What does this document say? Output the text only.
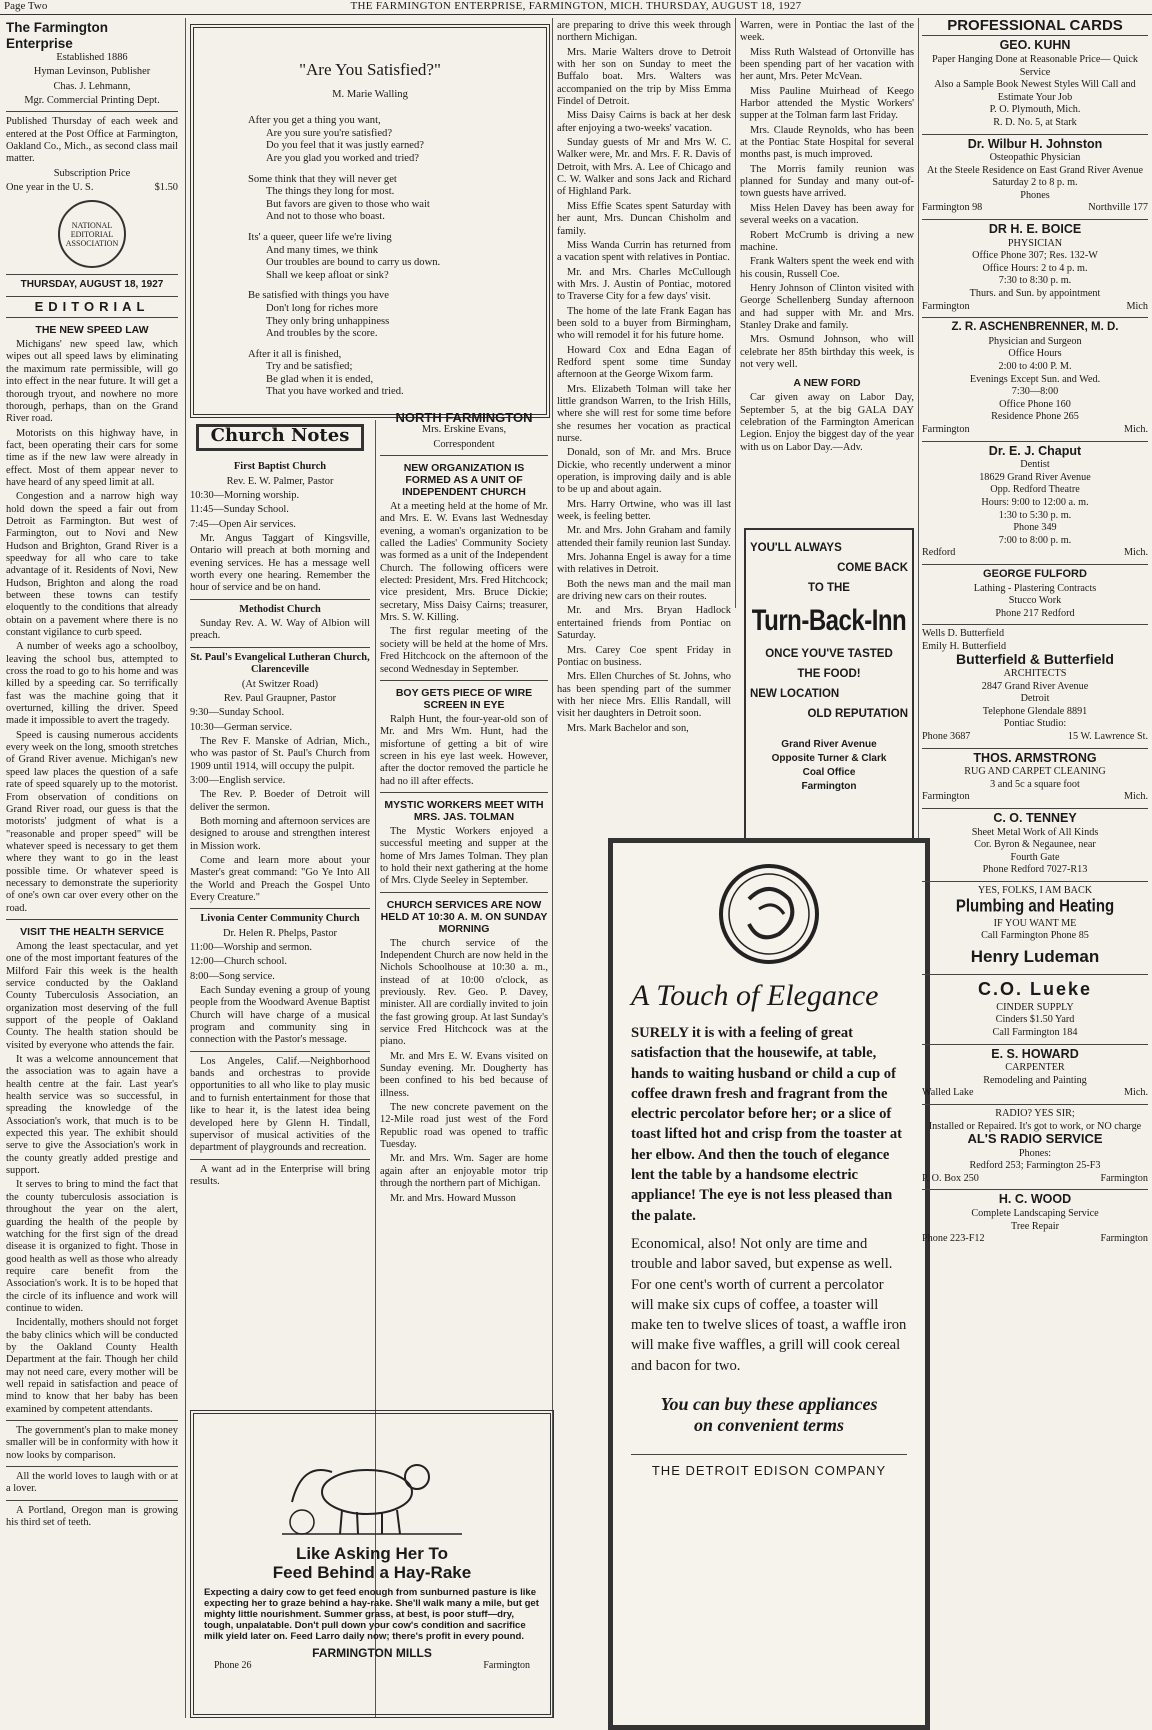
THE FARMINGTON ENTERPRISE, FARMINGTON, MICH. THURSDAY, AUGUST 18, 1927
Page Two
The Farmington Enterprise

Established 1886

Hyman Levinson, Publisher

Chas. J. Lehmann,

Mgr. Commercial Printing Dept.

Published Thursday of each week and entered at the Post Office at Farmington, Oakland Co., Mich., as second class mail matter.

Subscription Price

One year in the U. S.	$1.50
NATIONAL EDITORIAL ASSOCIATION
THURSDAY, AUGUST 18, 1927
EDITORIAL
THE NEW SPEED LAW

Michigans' new speed law, which wipes out all speed laws by eliminating the maximum rate permissible, will go into effect in the near future. It will get a thorough tryout, and nowhere no more thorough, perhaps, than on the Grand River road.

Motorists on this highway have, in fact, been operating their cars for some time as if the new law were already in effect. Most of them appear never to have heard of any speed limit at all.

Congestion and a narrow high way hold down the speed a fair out from Detroit as Farmington. But west of Farmington, out to Novi and New Hudson and Brighton, Grand River is a speedway for all who care to take advantage of it. Residents of Novi, New Hudson, Brighton and along the road between these towns can testify eloquently to the conditions that already obtain on a pavement where there is no constant vigilance to curb speed.

A number of weeks ago a schoolboy, leaving the school bus, attempted to cross the road to go to his home and was killed by a speeding car. So terrifically fast was the machine going that it overturned, killing the driver. Speed made it impossible to avert the tragedy.

Speed is causing numerous accidents every week on the long, smooth stretches of Grand River avenue. Michigan's new speed law places the question of a safe rate of speed squarely up to the motorist. From observation of conditions on Grand River road, our guess is that the motorists' judgment of what is a "reasonable and proper speed" will be whatever speed is necessary to get them where they want to go in the least possible time. Or whatever speed is necessary to demonstrate the superiority of one's own car over every other on the road.

VISIT THE HEALTH SERVICE

Among the least spectacular, and yet one of the most important features of the Milford Fair this week is the health service conducted by the Oakland County Tuberculosis Association, an organization most deserving of the full support of the people of Oakland County. The health station should be visited by everyone who attends the fair.

It was a welcome announcement that the association was to again have a health centre at the fair. Last year's health service was so successful, in spreading the knowledge of the Association's work, that much is to be expected this year. The exhibit should serve to give the Association's work in the county greatly added prestige and support.

It serves to bring to mind the fact that the county tuberculosis association is throughout the year on the alert, guarding the health of the people by watching for the first sign of the dread disease it is organized to fight. Those in good health as well as those who already require care benefit from the Association's work. It is to be hoped that the circle of its influence and work will continue to widen.

Incidentally, mothers should not forget the baby clinics which will be conducted by the Oakland County Health Department at the fair. Though her child may not need care, every mother will be well repaid in satisfaction and peace of mind to know that her baby has been examined by competent attendants.

The government's plan to make money smaller will be in conformity with how it now looks by comparison.

All the world loves to laugh with or at a lover.

A Portland, Oregon man is growing his third set of teeth.

"Are You Satisfied?"
M. Marie Walling
After you get a thing you want,
Are you sure you're satisfied?
Do you feel that it was justly earned?
Are you glad you worked and tried?
Some think that they will never get
The things they long for most.
But favors are given to those who wait
And not to those who boast.
Its' a queer, queer life we're living
And many times, we think
Our troubles are bound to carry us down.
Shall we keep afloat or sink?
Be satisfied with things you have
Don't long for riches more
They only bring unhappiness
And troubles by the score.
After it all is finished,
Try and be satisfied;
Be glad when it is ended,
That you have worked and tried.
Church Notes

First Baptist Church

Rev. E. W. Palmer, Pastor

10:30—Morning worship.

11:45—Sunday School.

7:45—Open Air services.

Mr. Angus Taggart of Kingsville, Ontario will preach at both morning and evening services. He has a message well worth every one hearing. Remember the hour of service and be on hand.

Methodist Church

Sunday Rev. A. W. Way of Albion will preach.

St. Paul's Evangelical Lutheran Church, Clarenceville

(At Switzer Road)

Rev. Paul Graupner, Pastor

9:30—Sunday School.

10:30—German service.

The Rev F. Manske of Adrian, Mich., who was pastor of St. Paul's Church from 1909 until 1914, will occupy the pulpit.

3:00—English service.

The Rev. P. Boeder of Detroit will deliver the sermon.

Both morning and afternoon services are designed to arouse and strengthen interest in Mission work.

Come and learn more about your Master's great command: "Go Ye Into All the World and Preach the Gospel Unto Every Creature."

Livonia Center Community Church

Dr. Helen R. Phelps, Pastor

11:00—Worship and sermon.

12:00—Church school.

8:00—Song service.

Each Sunday evening a group of young people from the Woodward Avenue Baptist Church will have charge of a musical program and community sing in connection with the Pastor's message.

Los Angeles, Calif.—Neighborhood bands and orchestras to provide opportunities to all who like to play music and to furnish entertainment for those that like to hear it, is the latest idea being developed here by Glenn H. Tindall, supervisor of musical activities of the department of playgrounds and recreation.

A want ad in the Enterprise will bring results.

NORTH FARMINGTON

Mrs. Erskine Evans,

Correspondent

NEW ORGANIZATION IS FORMED AS A UNIT OF INDEPENDENT CHURCH

At a meeting held at the home of Mr. and Mrs. E. W. Evans last Wednesday evening, a woman's organization to be called the Ladies' Community Society was formed as a unit of the Independent Church. The following officers were elected: President, Mrs. Fred Hitchcock; vice president, Mrs. Bruce Dickie; secretary, Miss Daisy Cairns; treasurer, Mrs. S. W. Killing.

The first regular meeting of the society will be held at the home of Mrs. Fred Hitchcock on the afternoon of the second Wednesday in September.

BOY GETS PIECE OF WIRE SCREEN IN EYE

Ralph Hunt, the four-year-old son of Mr. and Mrs Wm. Hunt, had the misfortune of getting a bit of wire screen in his eye last week. However, after the doctor removed the particle he had no ill after effects.

MYSTIC WORKERS MEET WITH MRS. JAS. TOLMAN

The Mystic Workers enjoyed a successful meeting and supper at the home of Mrs James Tolman. They plan to hold their next gathering at the home of Mrs. Clyde Seeley in September.

CHURCH SERVICES ARE NOW HELD AT 10:30 A. M. ON SUNDAY MORNING

The church service of the Independent Church are now held in the Nichols Schoolhouse at 10:30 a. m., instead of at 10:00 o'clock, as previously. Rev. Geo. P. Davey, minister. All are cordially invited to join the fast growing group. At last Sunday's service Fred Hitchcock was at the piano.

Mr. and Mrs E. W. Evans visited on Sunday evening. Mr. Dougherty has been confined to his bed because of illness.

The new concrete pavement on the 12-Mile road just west of the Ford Republic road was opened to traffic Tuesday.

Mr. and Mrs. Wm. Sager are home again after an enjoyable motor trip through the northern part of Michigan.

Mr. and Mrs. Howard Musson

Like Asking Her To
Feed Behind a Hay-Rake

Expecting a dairy cow to get feed enough from sunburned pasture is like expecting her to graze behind a hay-rake. She'll walk many a mile, but get mighty little nourishment. Summer grass, at best, is poor stuff—dry, tough, unpalatable. Don't pull down your cow's condition and sacrifice milk yield later on. Feed Larro daily now; there's profit in every pound.

FARMINGTON MILLS
Phone 26	Farmington

are preparing to drive this week through northern Michigan.

Mrs. Marie Walters drove to Detroit with her son on Sunday to meet the Buffalo boat. Mrs. Walters was accompanied on the trip by Miss Emma Findel of Detroit.

Miss Daisy Cairns is back at her desk after enjoying a two-weeks' vacation.

Sunday guests of Mr and Mrs W. C. Walker were, Mr. and Mrs. F. R. Davis of Detroit, with Mrs. A. Lee of Chicago and C. W. Walker and sons Jack and Richard of Highland Park.

Miss Effie Scates spent Saturday with her aunt, Mrs. Duncan Chisholm and family.

Miss Wanda Currin has returned from a vacation spent with relatives in Pontiac.

Mr. and Mrs. Charles McCullough with Mrs. J. Austin of Pontiac, motored to Traverse City for a few days' visit.

The home of the late Frank Eagan has been sold to a buyer from Birmingham, who will remodel it for his future home.

Howard Cox and Edna Eagan of Redford spent some time Sunday afternoon at the George Wixom farm.

Mrs. Elizabeth Tolman will take her little grandson Warren, to the Irish Hills, where she will rest for some time before she resumes her vocation as practical nurse.

Donald, son of Mr. and Mrs. Bruce Dickie, who recently underwent a minor operation, is improving daily and is able to be up and about again.

Mrs. Harry Ortwine, who was ill last week, is feeling better.

Mr. and Mrs. John Graham and family attended their family reunion last Sunday.

Mrs. Johanna Engel is away for a time with relatives in Detroit.

Both the news man and the mail man are driving new cars on their routes.

Mr. and Mrs. Bryan Hadlock entertained friends from Pontiac on Saturday.

Mrs. Carey Coe spent Friday in Pontiac on business.

Mrs. Ellen Churches of St. Johns, who has been spending part of the summer with her niece Mrs. Ellis Randall, will visit her daughters in Detroit soon.

Mrs. Mark Bachelor and son,

Warren, were in Pontiac the last of the week.

Miss Ruth Walstead of Ortonville has been spending part of her vacation with her aunt, Mrs. Peter McVean.

Miss Pauline Muirhead of Keego Harbor attended the Mystic Workers' supper at the Tolman farm last Friday.

Mrs. Claude Reynolds, who has been at the Pontiac State Hospital for several months past, is much improved.

The Morris family reunion was planned for Sunday and many out-of-town guests have arrived.

Miss Helen Davey has been away for several weeks on a vacation.

Robert McCrumb is driving a new machine.

Frank Walters spent the week end with his cousin, Russell Coe.

Henry Johnson of Clinton visited with George Schellenberg Sunday afternoon and had supper with Mr. and Mrs. Stanley Drake and family.

Mrs. Osmund Johnson, who will celebrate her 85th birthday this week, is not very well.

A NEW FORD

Car given away on Labor Day, September 5, at the big GALA DAY celebration of the Farmington American Legion. Enjoy the biggest day of the year with us on Labor Day.—Adv.

YOU'LL ALWAYS
COME BACK
TO THE
Turn-Back-Inn
ONCE YOU'VE TASTED
THE FOOD!
NEW LOCATION
OLD REPUTATION
Grand River Avenue
Opposite Turner & Clark
Coal Office
Farmington
A Touch of Elegance

SURELY it is with a feeling of great satisfaction that the housewife, at table, hands to waiting husband or child a cup of coffee drawn fresh and fragrant from the electric percolator before her; or a slice of toast lifted hot and crisp from the toaster at her elbow. And then the touch of elegance lent the table by a handsome electric appliance! The eye is not less pleased than the palate.

Economical, also! Not only are time and trouble and labor saved, but expense as well. For one cent's worth of current a percolator will make six cups of coffee, a toaster will make ten to twelve slices of toast, a waffle iron will make five waffles, a grill will cook cereal and bacon for two.

You can buy these appliances on convenient terms
THE DETROIT EDISON COMPANY
PROFESSIONAL CARDS
GEO. KUHN
Paper Hanging Done at Reasonable Price— Quick Service
Also a Sample Book Newest Styles Will Call and Estimate Your Job
P. O. Plymouth, Mich.
R. D. No. 5, at Stark
Dr. Wilbur H. Johnston
Osteopathic Physician
At the Steele Residence on East Grand River Avenue
Saturday 2 to 8 p. m.
Phones
Farmington 98	Northville 177
DR H. E. BOICE
PHYSICIAN
Office Phone 307; Res. 132-W
Office Hours: 2 to 4 p. m.
7:30 to 8:30 p. m.
Thurs. and Sun. by appointment
Farmington	Mich
Z. R. ASCHENBRENNER, M. D.
Physician and Surgeon
Office Hours
2:00 to 4:00 P. M.
Evenings Except Sun. and Wed.
7:30—8:00
Office Phone 160
Residence Phone 265
Farmington	Mich.
Dr. E. J. Chaput
Dentist
18629 Grand River Avenue
Opp. Redford Theatre
Hours: 9:00 to 12:00 a. m.
1:30 to 5:30 p. m.
Phone 349
7:00 to 8:00 p. m.
Redford	Mich.
GEORGE FULFORD
Lathing - Plastering Contracts
Stucco Work
Phone 217 Redford
Wells D. Butterfield
Emily H. Butterfield
Butterfield & Butterfield
ARCHITECTS
2847 Grand River Avenue
Detroit
Telephone Glendale 8891
Pontiac Studio:
Phone 3687	15 W. Lawrence St.
THOS. ARMSTRONG
RUG AND CARPET CLEANING
3 and 5c a square foot
Farmington	Mich.
C. O. TENNEY
Sheet Metal Work of All Kinds
Cor. Byron & Negaunee, near
Fourth Gate
Phone Redford 7027-R13
YES, FOLKS, I AM BACK
Plumbing and Heating
IF YOU WANT ME
Call Farmington Phone 85
Henry Ludeman
C.O. Lueke
CINDER SUPPLY
Cinders $1.50 Yard
Call Farmington 184
E. S. HOWARD
CARPENTER
Remodeling and Painting
Walled Lake	Mich.
RADIO? YES SIR;
Installed or Repaired. It's got to work, or NO charge
AL'S RADIO SERVICE
Phones:
Redford 253; Farmington 25-F3
P. O. Box 250	Farmington
H. C. WOOD
Complete Landscaping Service
Tree Repair
Phone 223-F12	Farmington
